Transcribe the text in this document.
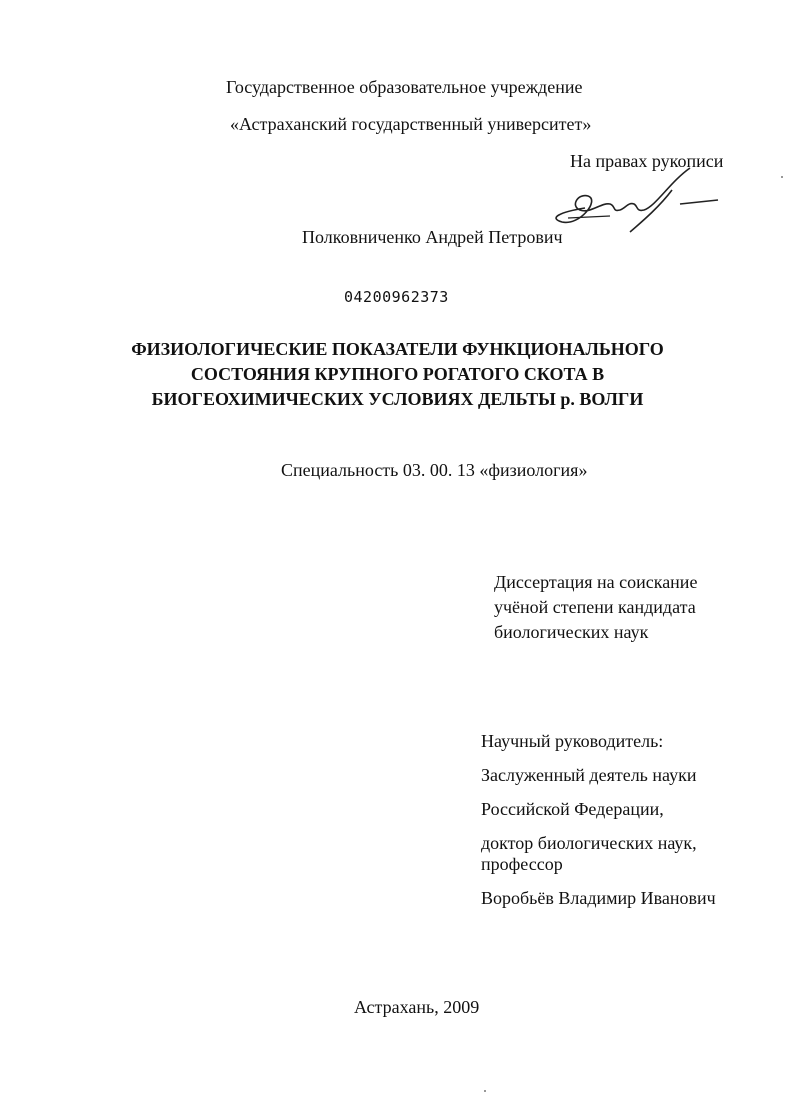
Государственное образовательное учреждение
«Астраханский государственный университет»
На правах рукописи
Полковниченко Андрей Петрович
04200962373
ФИЗИОЛОГИЧЕСКИЕ ПОКАЗАТЕЛИ ФУНКЦИОНАЛЬНОГО
СОСТОЯНИЯ КРУПНОГО РОГАТОГО СКОТА В
БИОГЕОХИМИЧЕСКИХ УСЛОВИЯХ ДЕЛЬТЫ р. ВОЛГИ
Специальность 03. 00. 13 «физиология»
Диссертация на соискание
учёной степени кандидата
биологических наук
Научный руководитель:
Заслуженный деятель науки
Российской Федерации,
доктор биологических наук,
профессор
Воробьёв Владимир Иванович
Астрахань, 2009
